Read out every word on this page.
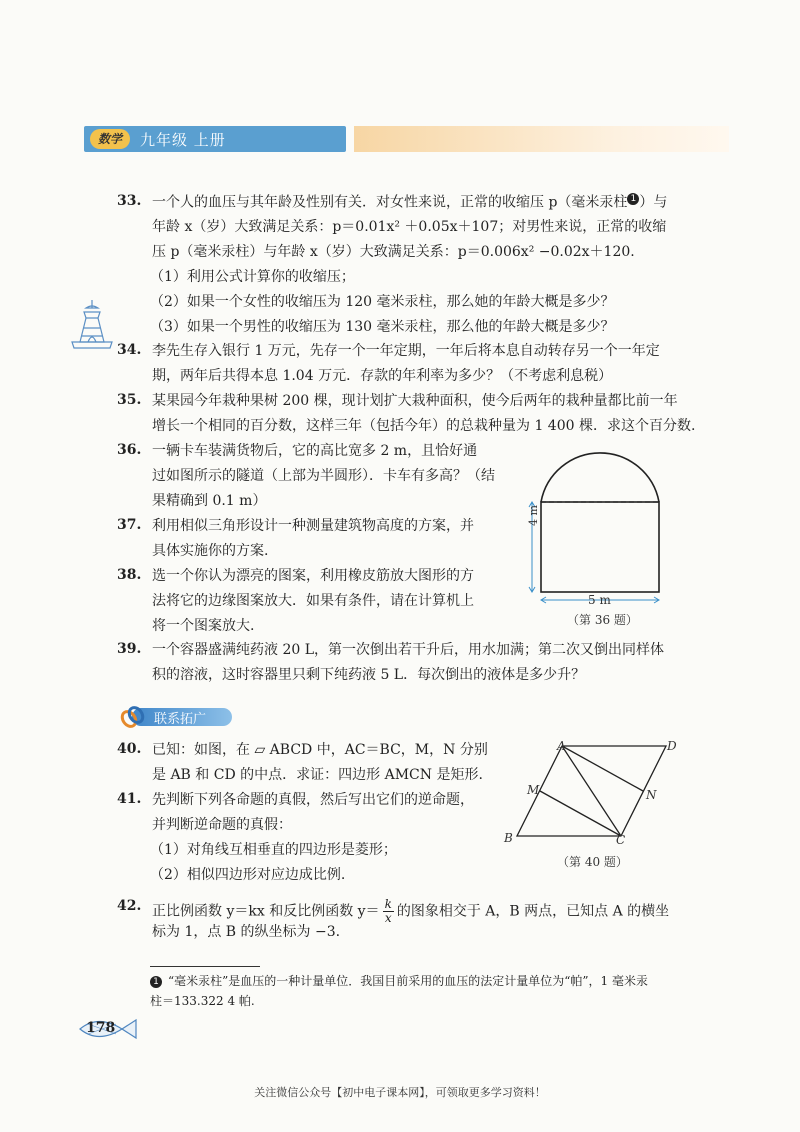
数学	九年级 上册
33. 一个人的血压与其年龄及性别有关．对女性来说，正常的收缩压 p（毫米汞柱 1 ）与
年龄 x（岁）大致满足关系：p＝0.01x² ＋0.05x＋107；对男性来说，正常的收缩
压 p（毫米汞柱）与年龄 x（岁）大致满足关系：p＝0.006x² −0.02x＋120.
（1）利用公式计算你的收缩压；
（2）如果一个女性的收缩压为 120 毫米汞柱，那么她的年龄大概是多少？
（3）如果一个男性的收缩压为 130 毫米汞柱，那么他的年龄大概是多少？
34. 李先生存入银行 1 万元，先存一个一年定期，一年后将本息自动转存另一个一年定
期，两年后共得本息 1.04 万元．存款的年利率为多少？（不考虑利息税）
35. 某果园今年栽种果树 200 棵，现计划扩大栽种面积，使今后两年的栽种量都比前一年
增长一个相同的百分数，这样三年（包括今年）的总栽种量为 1 400 棵．求这个百分数.
36. 一辆卡车装满货物后，它的高比宽多 2 m，且恰好通
过如图所示的隧道（上部为半圆形）．卡车有多高？（结
果精确到 0.1 m）
37. 利用相似三角形设计一种测量建筑物高度的方案，并
具体实施你的方案.
38. 选一个你认为漂亮的图案，利用橡皮筋放大图形的方
法将它的边缘图案放大．如果有条件，请在计算机上
将一个图案放大.
4 m
5 m
（第 36 题）
39. 一个容器盛满纯药液 20 L，第一次倒出若干升后，用水加满；第二次又倒出同样体
积的溶液，这时容器里只剩下纯药液 5 L．每次倒出的液体是多少升？
联系拓广
40. 已知：如图，在 ▱ ABCD 中，AC＝BC，M，N 分别
是 AB 和 CD 的中点．求证：四边形 AMCN 是矩形.
41. 先判断下列各命题的真假，然后写出它们的逆命题，
并判断逆命题的真假：
（1）对角线互相垂直的四边形是菱形；
（2）相似四边形对应边成比例.
A	D
M	N
B	C
（第 40 题）
42. 正比例函数 y＝kx 和反比例函数 $y= \frac{k}{x}$ 的图象相交于 A，B 两点，已知点 A 的横坐
标为 1，点 B 的纵坐标为 −3.
1 “毫米汞柱”是血压的一种计量单位．我国目前采用的血压的法定计量单位为“帕”，1 毫米汞
柱＝133.322 4 帕.
178
关注微信公众号【初中电子课本网】，可领取更多学习资料！
